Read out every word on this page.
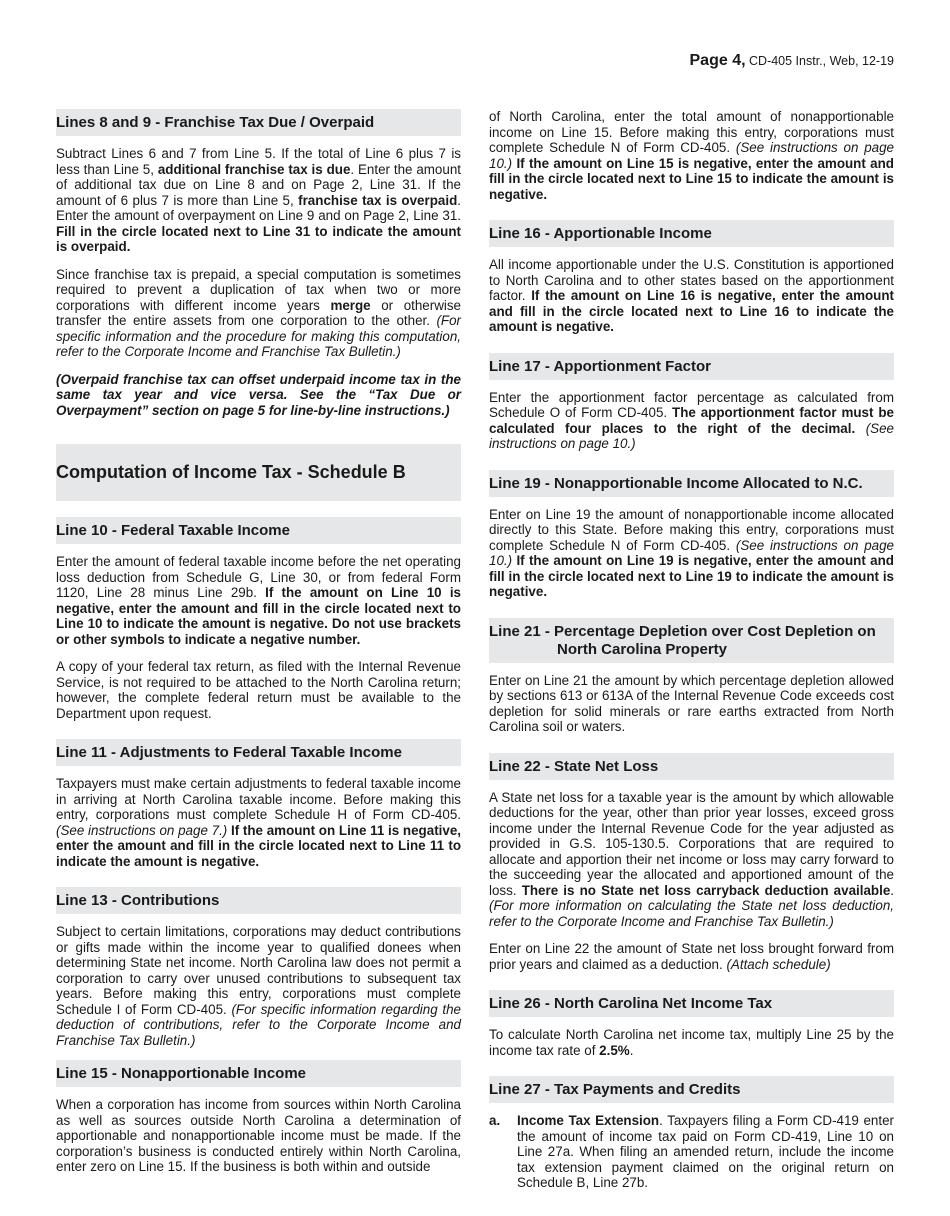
Page 4, CD-405 Instr., Web, 12-19
Lines 8 and 9 - Franchise Tax Due / Overpaid

Subtract Lines 6 and 7 from Line 5. If the total of Line 6 plus 7 is less than Line 5, additional franchise tax is due. Enter the amount of additional tax due on Line 8 and on Page 2, Line 31. If the amount of 6 plus 7 is more than Line 5, franchise tax is overpaid. Enter the amount of overpayment on Line 9 and on Page 2, Line 31. Fill in the circle located next to Line 31 to indicate the amount is overpaid.

Since franchise tax is prepaid, a special computation is sometimes required to prevent a duplication of tax when two or more corporations with different income years merge or otherwise transfer the entire assets from one corporation to the other. (For specific information and the procedure for making this computation, refer to the Corporate Income and Franchise Tax Bulletin.)

(Overpaid franchise tax can offset underpaid income tax in the same tax year and vice versa. See the “Tax Due or Overpayment” section on page 5 for line-by-line instructions.)

Computation of Income Tax - Schedule B
Line 10 - Federal Taxable Income

Enter the amount of federal taxable income before the net operating loss deduction from Schedule G, Line 30, or from federal Form 1120, Line 28 minus Line 29b. If the amount on Line 10 is negative, enter the amount and fill in the circle located next to Line 10 to indicate the amount is negative. Do not use brackets or other symbols to indicate a negative number.

A copy of your federal tax return, as filed with the Internal Revenue Service, is not required to be attached to the North Carolina return; however, the complete federal return must be available to the Department upon request.

Line 11 - Adjustments to Federal Taxable Income

Taxpayers must make certain adjustments to federal taxable income in arriving at North Carolina taxable income. Before making this entry, corporations must complete Schedule H of Form CD-405. (See instructions on page 7.) If the amount on Line 11 is negative, enter the amount and fill in the circle located next to Line 11 to indicate the amount is negative.

Line 13 - Contributions

Subject to certain limitations, corporations may deduct contributions or gifts made within the income year to qualified donees when determining State net income. North Carolina law does not permit a corporation to carry over unused contributions to subsequent tax years. Before making this entry, corporations must complete Schedule I of Form CD-405. (For specific information regarding the deduction of contributions, refer to the Corporate Income and Franchise Tax Bulletin.)

Line 15 - Nonapportionable Income

When a corporation has income from sources within North Carolina as well as sources outside North Carolina a determination of apportionable and nonapportionable income must be made. If the corporation’s business is conducted entirely within North Carolina, enter zero on Line 15. If the business is both within and outside

of North Carolina, enter the total amount of nonapportionable income on Line 15. Before making this entry, corporations must complete Schedule N of Form CD-405. (See instructions on page 10.) If the amount on Line 15 is negative, enter the amount and fill in the circle located next to Line 15 to indicate the amount is negative.

Line 16 - Apportionable Income

All income apportionable under the U.S. Constitution is apportioned to North Carolina and to other states based on the apportionment factor. If the amount on Line 16 is negative, enter the amount and fill in the circle located next to Line 16 to indicate the amount is negative.

Line 17 - Apportionment Factor

Enter the apportionment factor percentage as calculated from Schedule O of Form CD-405. The apportionment factor must be calculated four places to the right of the decimal. (See instructions on page 10.)

Line 19 - Nonapportionable Income Allocated to N.C.

Enter on Line 19 the amount of nonapportionable income allocated directly to this State. Before making this entry, corporations must complete Schedule N of Form CD-405. (See instructions on page 10.) If the amount on Line 19 is negative, enter the amount and fill in the circle located next to Line 19 to indicate the amount is negative.

Line 21 - Percentage Depletion over Cost Depletion on
North Carolina Property

Enter on Line 21 the amount by which percentage depletion allowed by sections 613 or 613A of the Internal Revenue Code exceeds cost depletion for solid minerals or rare earths extracted from North Carolina soil or waters.

Line 22 - State Net Loss

A State net loss for a taxable year is the amount by which allowable deductions for the year, other than prior year losses, exceed gross income under the Internal Revenue Code for the year adjusted as provided in G.S. 105-130.5. Corporations that are required to allocate and apportion their net income or loss may carry forward to the succeeding year the allocated and apportioned amount of the loss. There is no State net loss carryback deduction available. (For more information on calculating the State net loss deduction, refer to the Corporate Income and Franchise Tax Bulletin.)

Enter on Line 22 the amount of State net loss brought forward from prior years and claimed as a deduction. (Attach schedule)

Line 26 - North Carolina Net Income Tax

To calculate North Carolina net income tax, multiply Line 25 by the income tax rate of 2.5%.

Line 27 - Tax Payments and Credits
a.	Income Tax Extension. Taxpayers filing a Form CD-419 enter the amount of income tax paid on Form CD-419, Line 10 on Line 27a. When filing an amended return, include the income tax extension payment claimed on the original return on Schedule B, Line 27b.
